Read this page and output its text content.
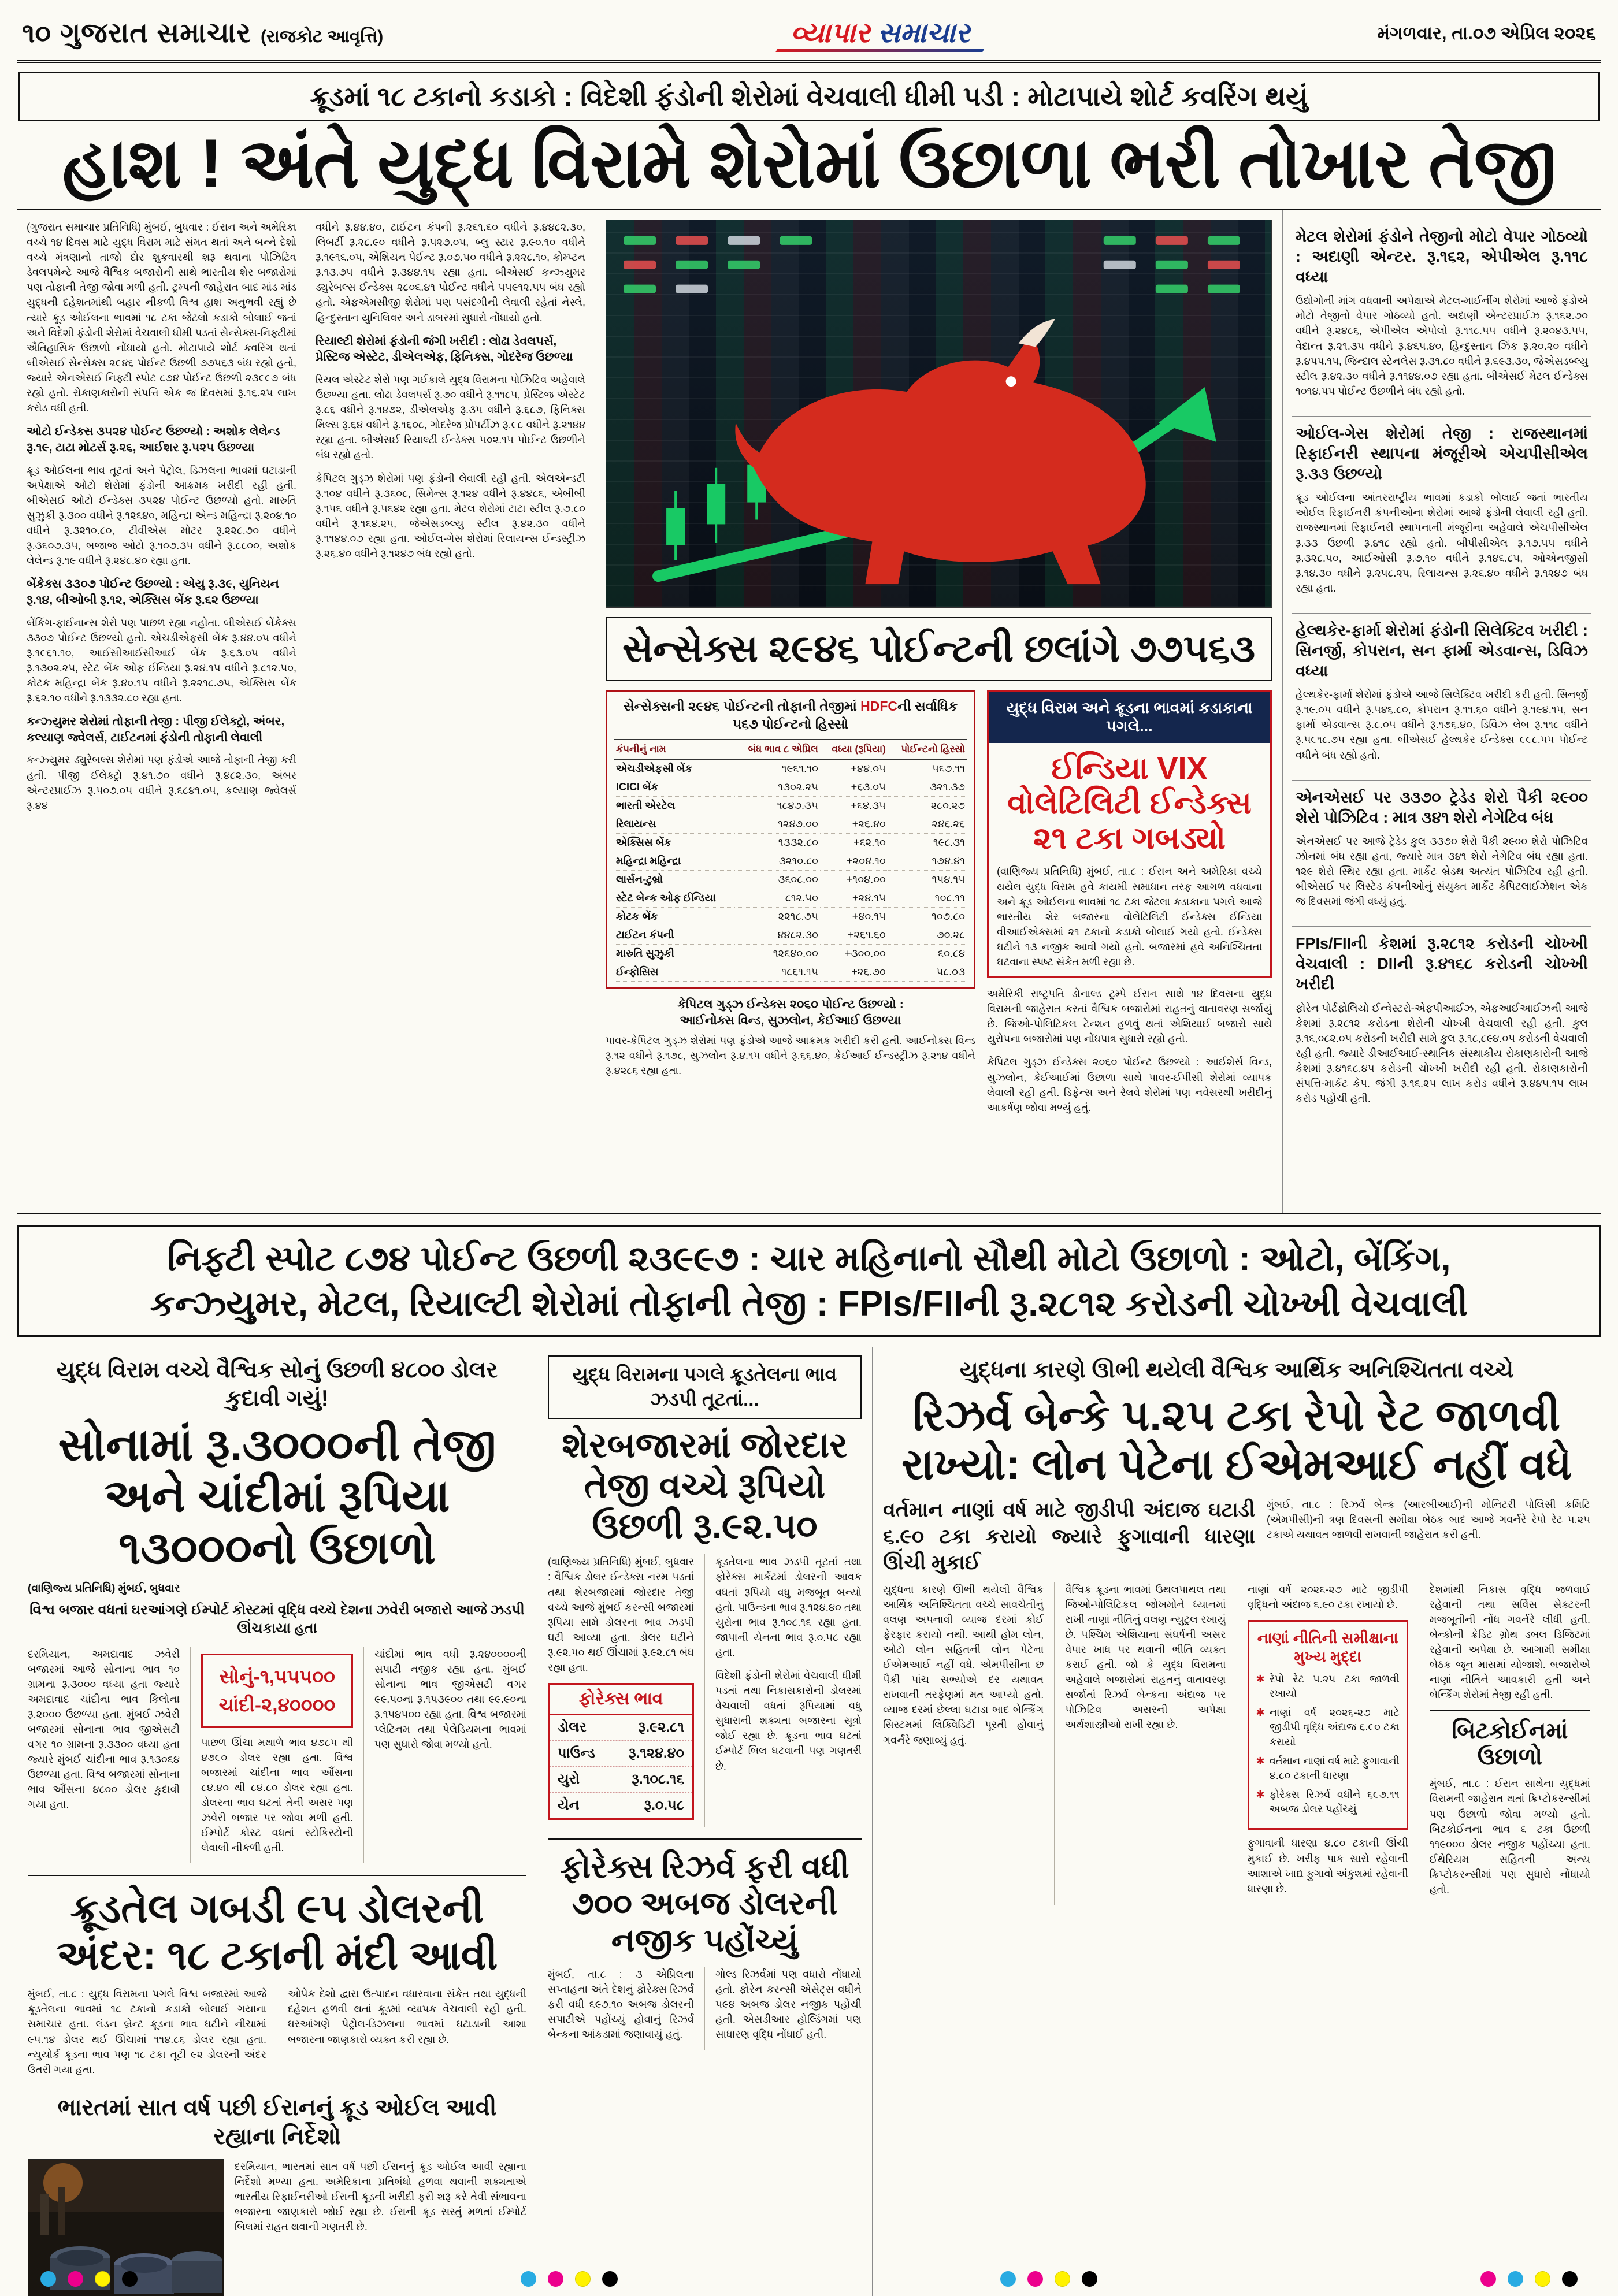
૧૦ ગુજરાત સમાચાર (રાજકોટ આવૃત્તિ)	વ્યાપાર સમાચાર	મંગળવાર, તા.૦૭ એપ્રિલ ૨૦૨૬
ક્રૂડમાં ૧૮ ટકાનો કડાકો : વિદેશી ફંડોની શેરોમાં વેચવાલી ધીમી પડી : મોટાપાયે શોર્ટ કવરિંગ થયું
હાશ ! અંતે યુદ્ધ વિરામે શેરોમાં ઉછાળા ભરી તોખાર તેજી

(ગુજરાત સમાચાર પ્રતિનિધિ) મુંબઈ, બુધવાર : ઈરાન અને અમેરિકા વચ્ચે ૧૪ દિવસ માટે યુદ્ધ વિરામ માટે સંમત થતાં અને બન્ને દેશો વચ્ચે મંત્રણાનો તાજો દોર શુક્રવારથી શરૂ થવાના પોઝિટિવ ડેવલપમેન્ટે આજે વૈશ્વિક બજારોની સાથે ભારતીય શેર બજારોમાં પણ તોફાની તેજી જોવા મળી હતી. ટ્રમ્પની જાહેરાત બાદ માંડ માંડ યુદ્ધની દહેશતમાંથી બહાર નીકળી વિશ્વ હાશ અનુભવી રહ્યું છે ત્યારે ક્રૂડ ઓઈલના ભાવમાં ૧૮ ટકા જેટલો કડાકો બોલાઈ જતાં અને વિદેશી ફંડોની શેરોમાં વેચવાલી ધીમી પડતાં સેન્સેક્સ-નિફ્ટીમાં ઐતિહાસિક ઉછાળો નોંધાયો હતો. મોટાપાયે શોર્ટ કવરિંગ થતાં બીએસઈ સેન્સેક્સ ૨૯૪૬ પોઈન્ટ ઉછળી ૭૭૫૬૩ બંધ રહ્યો હતો, જ્યારે એનએસઈ નિફ્ટી સ્પોટ ૮૭૪ પોઈન્ટ ઉછળી ૨૩૯૯૭ બંધ રહ્યો હતો. રોકાણકારોની સંપત્તિ એક જ દિવસમાં રૂ.૧૬.૨૫ લાખ કરોડ વધી હતી.

ઓટો ઈન્ડેક્સ ૩૫૨૪ પોઈન્ટ ઉછળ્યો : અશોક લેલેન્ડ રૂ.૧૯, ટાટા મોટર્સ રૂ.૨૬, આઈશર રૂ.૫૨૫ ઉછળ્યા

ક્રૂડ ઓઈલના ભાવ તૂટતાં અને પેટ્રોલ, ડિઝલના ભાવમાં ઘટાડાની અપેક્ષાએ ઓટો શેરોમાં ફંડોની આક્રમક ખરીદી રહી હતી. બીએસઈ ઓટો ઈન્ડેક્સ ૩૫૨૪ પોઈન્ટ ઉછળ્યો હતો. મારુતિ સુઝુકી રૂ.૩૦૦ વધીને રૂ.૧૨૬૪૦, મહિન્દ્રા એન્ડ મહિન્દ્રા રૂ.૨૦૪.૧૦ વધીને રૂ.૩૨૧૦.૮૦, ટીવીએસ મોટર રૂ.૨૨૮.૭૦ વધીને રૂ.૩૬૦૭.૩૫, બજાજ ઓટો રૂ.૧૦૭.૩૫ વધીને રૂ.૮૮૦૦, અશોક લેલેન્ડ રૂ.૧૯ વધીને રૂ.૨૪૮.૪૦ રહ્યા હતા.

બેંકેક્સ ૩૩૦૭ પોઈન્ટ ઉછળ્યો : એયુ રૂ.૩૯, યુનિયન રૂ.૧૪, બીઓબી રૂ.૧૨, એક્સિસ બેંક રૂ.૬૨ ઉછળ્યા

બેંકિંગ-ફાઈનાન્સ શેરો પણ પાછળ રહ્યા નહોતા. બીએસઈ બેંકેક્સ ૩૩૦૭ પોઈન્ટ ઉછળ્યો હતો. એચડીએફસી બેંક રૂ.૪૪.૦૫ વધીને રૂ.૧૯૬૧.૧૦, આઈસીઆઈસીઆઈ બેંક રૂ.૬૩.૦૫ વધીને રૂ.૧૩૦૨.૨૫, સ્ટેટ બેંક ઓફ ઈન્ડિયા રૂ.૨૪.૧૫ વધીને રૂ.૮૧૨.૫૦, કોટક મહિન્દ્રા બેંક રૂ.૪૦.૧૫ વધીને રૂ.૨૨૧૮.૭૫, એક્સિસ બેંક રૂ.૬૨.૧૦ વધીને રૂ.૧૩૩૨.૮૦ રહ્યા હતા.

કન્ઝ્યુમર શેરોમાં તોફાની તેજી : પીજી ઈલેક્ટ્રો, અંબર, કલ્યાણ જ્વેલર્સ, ટાઈટનમાં ફંડોની તોફાની લેવાલી

કન્ઝ્યુમર ડ્યુરેબલ્સ શેરોમાં પણ ફંડોએ આજે તોફાની તેજી કરી હતી. પીજી ઈલેક્ટ્રો રૂ.૪૧.૭૦ વધીને રૂ.૪૮૨.૩૦, અંબર એન્ટરપ્રાઈઝ રૂ.૫૦૭.૦૫ વધીને રૂ.૬૮૪૧.૦૫, કલ્યાણ જ્વેલર્સ રૂ.૪૪

વધીને રૂ.૪૪.૪૦, ટાઈટન કંપની રૂ.૨૬૧.૬૦ વધીને રૂ.૪૪૮૨.૩૦, લિબર્ટી રૂ.૨૮.૯૦ વધીને રૂ.૫૨૭.૦૫, બ્લુ સ્ટાર રૂ.૯૦.૧૦ વધીને રૂ.૧૯૧૬.૦૫, એશિયન પેઈન્ટ રૂ.૦૭.૫૦ વધીને રૂ.૨૨૮.૧૦, ક્રોમ્પ્ટન રૂ.૧૩.૭૫ વધીને રૂ.૩૪૪.૧૫ રહ્યા હતા. બીએસઈ કન્ઝ્યુમર ડ્યુરેબલ્સ ઈન્ડેક્સ ૨૮૦૬.૪૧ પોઈન્ટ વધીને ૫૫૯૧૨.૫૫ બંધ રહ્યો હતો. એફએમસીજી શેરોમાં પણ પસંદગીની લેવાલી રહેતાં નેસ્લે, હિન્દુસ્તાન યુનિલિવર અને ડાબરમાં સુધારો નોંધાયો હતો.

રિયાલ્ટી શેરોમાં ફંડોની જંગી ખરીદી : લોઢા ડેવલપર્સ, પ્રેસ્ટિજ એસ્ટેટ, ડીએલએફ, ફિનિક્સ, ગોદરેજ ઉછળ્યા

રિયલ એસ્ટેટ શેરો પણ ગઈકાલે યુદ્ધ વિરામના પોઝિટિવ અહેવાલે ઉછળ્યા હતા. લોઢા ડેવલપર્સ રૂ.૭૦ વધીને રૂ.૧૧૮૫, પ્રેસ્ટિજ એસ્ટેટ રૂ.૮૬ વધીને રૂ.૧૪૭૨, ડીએલએફ રૂ.૩૫ વધીને રૂ.૬૮૭, ફિનિક્સ મિલ્સ રૂ.૬૪ વધીને રૂ.૧૬૦૮, ગોદરેજ પ્રોપર્ટીઝ રૂ.૯૮ વધીને રૂ.૨૧૪૪ રહ્યા હતા. બીએસઈ રિયાલ્ટી ઈન્ડેક્સ ૫૦૨.૧૫ પોઈન્ટ ઉછળીને બંધ રહ્યો હતો.

કેપિટલ ગુડ્ઝ શેરોમાં પણ ફંડોની લેવાલી રહી હતી. એલએન્ડટી રૂ.૧૦૪ વધીને રૂ.૩૬૦૮, સિમેન્સ રૂ.૧૨૪ વધીને રૂ.૪૪૮૬, એબીબી રૂ.૧૫૬ વધીને રૂ.૫૬૪૨ રહ્યા હતા. મેટલ શેરોમાં ટાટા સ્ટીલ રૂ.૭.૮૦ વધીને રૂ.૧૬૪.૨૫, જેએસડબ્લ્યુ સ્ટીલ રૂ.૪૨.૩૦ વધીને રૂ.૧૧૪૪.૦૭ રહ્યા હતા. ઓઈલ-ગેસ શેરોમાં રિલાયન્સ ઈન્ડસ્ટ્રીઝ રૂ.૨૬.૪૦ વધીને રૂ.૧૨૪૭ બંધ રહ્યો હતો.

સેન્સેક્સ ૨૯૪૬ પોઈન્ટની છલાંગે ૭૭૫૬૩
સેન્સેક્સની ૨૯૪૬ પોઈન્ટની તોફાની તેજીમાં HDFCની સર્વાધિક ૫૬૭ પોઈન્ટનો હિસ્સો
કંપનીનું નામ	બંધ ભાવ ૮ એપ્રિલ	વધ્યા (રૂપિયા)	પોઈન્ટનો હિસ્સો
એચડીએફસી બેંક	૧૯૬૧.૧૦	+૪૪.૦૫	૫૬૭.૧૧
ICICI બેંક	૧૩૦૨.૨૫	+૬૩.૦૫	૩૨૧.૩૭
ભારતી એરટેલ	૧૮૪૭.૩૫	+૬૪.૩૫	૨૮૦.૨૭
રિલાયન્સ	૧૨૪૭.૦૦	+૨૬.૪૦	૨૪૬.૨૬
એક્સિસ બેંક	૧૩૩૨.૮૦	+૬૨.૧૦	૧૯૮.૩૧
મહિન્દ્રા મહિન્દ્રા	૩૨૧૦.૮૦	+૨૦૪.૧૦	૧૭૪.૪૧
લાર્સન-ટુબ્રો	૩૬૦૮.૦૦	+૧૦૪.૦૦	૧૫૪.૧૫
સ્ટેટ બેન્ક ઓફ ઈન્ડિયા	૮૧૨.૫૦	+૨૪.૧૫	૧૦૮.૧૧
કોટક બેંક	૨૨૧૮.૭૫	+૪૦.૧૫	૧૦૭.૮૦
ટાઈટન કંપની	૪૪૮૨.૩૦	+૨૬૧.૬૦	૭૦.૨૮
મારુતિ સુઝુકી	૧૨૬૪૦.૦૦	+૩૦૦.૦૦	૬૦.૮૪
ઈન્ફોસિસ	૧૮૬૧.૧૫	+૨૬.૭૦	૫૮.૦૩
કેપિટલ ગુડ્ઝ ઈન્ડેક્સ ૨૦૬૦ પોઈન્ટ ઉછળ્યો :
આઈનોક્સ વિન્ડ, સુઝલોન, કેઈઆઈ ઉછળ્યા

પાવર-કેપિટલ ગુડ્ઝ શેરોમાં પણ ફંડોએ આજે આક્રમક ખરીદી કરી હતી. આઈનોક્સ વિન્ડ રૂ.૧૨ વધીને રૂ.૧૭૮, સુઝલોન રૂ.૪.૧૫ વધીને રૂ.૬૬.૪૦, કેઈઆઈ ઈન્ડસ્ટ્રીઝ રૂ.૨૧૪ વધીને રૂ.૪૨૮૬ રહ્યા હતા.

યુદ્ધ વિરામ અને ક્રૂડના ભાવમાં કડાકાના પગલે...
ઈન્ડિયા VIX વોલેટિલિટી ઈન્ડેક્સ ૨૧ ટકા ગબડ્યો

(વાણિજ્ય પ્રતિનિધિ) મુંબઈ, તા.૮ : ઈરાન અને અમેરિકા વચ્ચે થયેલ યુદ્ધ વિરામ હવે કાયમી સમાધાન તરફ આગળ વધવાના અને ક્રૂડ ઓઈલના ભાવમાં ૧૮ ટકા જેટલા કડાકાના પગલે આજે ભારતીય શેર બજારના વોલેટિલિટી ઈન્ડેક્સ ઈન્ડિયા વીઆઈએક્સમાં ૨૧ ટકાનો કડાકો બોલાઈ ગયો હતો. ઈન્ડેક્સ ઘટીને ૧૩ નજીક આવી ગયો હતો. બજારમાં હવે અનિશ્ચિતતા ઘટવાના સ્પષ્ટ સંકેત મળી રહ્યા છે.

અમેરિકી રાષ્ટ્રપતિ ડોનાલ્ડ ટ્રમ્પે ઈરાન સાથે ૧૪ દિવસના યુદ્ધ વિરામની જાહેરાત કરતાં વૈશ્વિક બજારોમાં રાહતનું વાતાવરણ સર્જાયું છે. જિઓ-પોલિટિકલ ટેન્શન હળવું થતાં એશિયાઈ બજારો સાથે યુરોપના બજારોમાં પણ નોંધપાત્ર સુધારો રહ્યો હતો.

કેપિટલ ગુડ્ઝ ઈન્ડેક્સ ૨૦૬૦ પોઈન્ટ ઉછળ્યો : આઈશેર્સ વિન્ડ, સુઝલોન, કેઈઆઈમાં ઉછાળા સાથે પાવર-ઈપીસી શેરોમાં વ્યાપક લેવાલી રહી હતી. ડિફેન્સ અને રેલવે શેરોમાં પણ નવેસરથી ખરીદીનું આકર્ષણ જોવા મળ્યું હતું.

મેટલ શેરોમાં ફંડોને તેજીનો મોટો વેપાર ગોઠવ્યો : અદાણી એન્ટર. રૂ.૧૬૨, એપીએલ રૂ.૧૧૮ વધ્યા

ઉદ્યોગોની માંગ વધવાની અપેક્ષાએ મેટલ-માઈનીંગ શેરોમાં આજે ફંડોએ મોટો તેજીનો વેપાર ગોઠવ્યો હતો. અદાણી એન્ટરપ્રાઈઝ રૂ.૧૬૨.૭૦ વધીને રૂ.૨૪૮૬, એપીએલ એપોલો રૂ.૧૧૮.૫૫ વધીને રૂ.૨૦૪૩.૫૫, વેદાન્ત રૂ.૨૧.૩૫ વધીને રૂ.૪૬૫.૪૦, હિન્દુસ્તાન ઝિંક રૂ.૨૦.૨૦ વધીને રૂ.૪૫૫.૧૫, જિન્દાલ સ્ટેનલેસ રૂ.૩૧.૮૦ વધીને રૂ.૬૯૩.૩૦, જેએસડબ્લ્યુ સ્ટીલ રૂ.૪૨.૩૦ વધીને રૂ.૧૧૪૪.૦૭ રહ્યા હતા. બીએસઈ મેટલ ઈન્ડેક્સ ૧૦૧૪.૫૫ પોઈન્ટ ઉછળીને બંધ રહ્યો હતો.

ઓઈલ-ગેસ શેરોમાં તેજી : રાજસ્થાનમાં રિફાઈનરી સ્થાપના મંજૂરીએ એચપીસીએલ રૂ.૩૩ ઉછળ્યો

ક્રૂડ ઓઈલના આંતરરાષ્ટ્રીય ભાવમાં કડાકો બોલાઈ જતાં ભારતીય ઓઈલ રિફાઈનરી કંપનીઓના શેરોમાં આજે ફંડોની લેવાલી રહી હતી. રાજસ્થાનમાં રિફાઈનરી સ્થાપનાની મંજૂરીના અહેવાલે એચપીસીએલ રૂ.૩૩ ઉછળી રૂ.૪૧૮ રહ્યો હતો. બીપીસીએલ રૂ.૧૭.૫૫ વધીને રૂ.૩૨૮.૫૦, આઈઓસી રૂ.૭.૧૦ વધીને રૂ.૧૪૬.૮૫, ઓએનજીસી રૂ.૧૪.૩૦ વધીને રૂ.૨૫૮.૨૫, રિલાયન્સ રૂ.૨૬.૪૦ વધીને રૂ.૧૨૪૭ બંધ રહ્યા હતા.

હેલ્થકેર-ફાર્મા શેરોમાં ફંડોની સિલેક્ટિવ ખરીદી : સિનર્જી, કોપરાન, સન ફાર્મા એડવાન્સ, ડિવિઝ વધ્યા

હેલ્થકેર-ફાર્મા શેરોમાં ફંડોએ આજે સિલેક્ટિવ ખરીદી કરી હતી. સિનર્જી રૂ.૧૯.૦૫ વધીને રૂ.૫૪૬.૮૦, કોપરાન રૂ.૧૧.૬૦ વધીને રૂ.૧૯૪.૧૫, સન ફાર્મા એડવાન્સ રૂ.૮.૦૫ વધીને રૂ.૧૭૬.૪૦, ડિવિઝ લેબ રૂ.૧૧૮ વધીને રૂ.૫૯૧૮.૭૫ રહ્યા હતા. બીએસઈ હેલ્થકેર ઈન્ડેક્સ ૯૯૮.૫૫ પોઈન્ટ વધીને બંધ રહ્યો હતો.

એનએસઈ પર ૩૩૭૦ ટ્રેડેડ શેરો પૈકી ૨૯૦૦ શેરો પોઝિટિવ : માત્ર ૩૪૧ શેરો નેગેટિવ બંધ

એનએસઈ પર આજે ટ્રેડેડ કુલ ૩૩૭૦ શેરો પૈકી ૨૯૦૦ શેરો પોઝિટિવ ઝોનમાં બંધ રહ્યા હતા, જ્યારે માત્ર ૩૪૧ શેરો નેગેટિવ બંધ રહ્યા હતા. ૧૨૯ શેરો સ્થિર રહ્યા હતા. માર્કેટ બ્રેડથ અત્યંત પોઝિટિવ રહી હતી. બીએસઈ પર લિસ્ટેડ કંપનીઓનું સંયુક્ત માર્કેટ કેપિટલાઈઝેશન એક જ દિવસમાં જંગી વધ્યું હતું.

FPIs/FIIની કેશમાં રૂ.૨૮૧૨ કરોડની ચોખ્ખી વેચવાલી : DIIની રૂ.૪૧૬૮ કરોડની ચોખ્ખી ખરીદી

ફોરેન પોર્ટફોલિયો ઈન્વેસ્ટરો-એફપીઆઈઝ, એફઆઈઆઈઝની આજે કેશમાં રૂ.૨૮૧૨ કરોડના શેરોની ચોખ્ખી વેચવાલી રહી હતી. કુલ રૂ.૧૬,૦૮૨.૦૫ કરોડની ખરીદી સામે કુલ રૂ.૧૮,૮૯૪.૦૫ કરોડની વેચવાલી રહી હતી. જ્યારે ડીઆઈઆઈ-સ્થાનિક સંસ્થાકીય રોકાણકારોની આજે કેશમાં રૂ.૪૧૬૮.૪૫ કરોડની ચોખ્ખી ખરીદી રહી હતી. રોકાણકારોની સંપત્તિ-માર્કેટ કેપ. જંગી રૂ.૧૬.૨૫ લાખ કરોડ વધીને રૂ.૪૪૫.૧૫ લાખ કરોડ પહોંચી હતી.

નિફ્ટી સ્પોટ ૮૭૪ પોઈન્ટ ઉછળી ૨૩૯૯૭ : ચાર મહિનાનો સૌથી મોટો ઉછાળો : ઓટો, બેંકિંગ,
કન્ઝ્યુમર, મેટલ, રિયાલ્ટી શેરોમાં તોફાની તેજી : FPIs/FIIની રૂ.૨૮૧૨ કરોડની ચોખ્ખી વેચવાલી
યુદ્ધ વિરામ વચ્ચે વૈશ્વિક સોનું ઉછળી ૪૮૦૦ ડોલર કુદાવી ગયું!
સોનામાં રૂ.૩૦૦૦ની તેજી અને ચાંદીમાં રૂપિયા ૧૩૦૦૦નો ઉછાળો
(વાણિજ્ય પ્રતિનિધિ) મુંબઈ, બુધવાર
વિશ્વ બજાર વધતાં ઘરઆંગણે ઈમ્પોર્ટ કોસ્ટમાં વૃદ્ધિ વચ્ચે દેશના ઝવેરી બજારો આજે ઝડપી ઊંચકાયા હતા

દરમિયાન, અમદાવાદ ઝવેરી બજારમાં આજે સોનાના ભાવ ૧૦ ગ્રામના રૂ.૩૦૦૦ વધ્યા હતા જ્યારે અમદાવાદ ચાંદીના ભાવ કિલોના રૂ.૨૦૦૦ ઉછળ્યા હતા. મુંબઈ ઝવેરી બજારમાં સોનાના ભાવ જીએસટી વગર ૧૦ ગ્રામના રૂ.૩૩૦૦ વધ્યા હતા જ્યારે મુંબઈ ચાંદીના ભાવ રૂ.૧૩૦૬૪ ઉછળ્યા હતા. વિશ્વ બજારમાં સોનાના ભાવ ઔંસના ૪૮૦૦ ડોલર કુદાવી ગયા હતા.

સોનું-૧,૫૫૫૦૦
ચાંદી-૨,૪૦૦૦૦

પાછળ ઊંચા મથાળે ભાવ ૪૭૮૫ થી ૪૭૯૦ ડોલર રહ્યા હતા. વિશ્વ બજારમાં ચાંદીના ભાવ ઔંસના ૮૪.૪૦ થી ૮૪.૮૦ ડોલર રહ્યા હતા. ડોલરના ભાવ ઘટતાં તેની અસર પણ ઝવેરી બજાર પર જોવા મળી હતી. ઈમ્પોર્ટ કોસ્ટ વધતાં સ્ટોકિસ્ટોની લેવાલી નીકળી હતી.

ચાંદીમાં ભાવ વધી રૂ.૨૪૦૦૦૦ની સપાટી નજીક રહ્યા હતા. મુંબઈ સોનાના ભાવ જીએસટી વગર ૯૯.૫૦ના રૂ.૧૫૩૯૦૦ તથા ૯૯.૯૦ના રૂ.૧૫૪૫૦૦ રહ્યા હતા. વિશ્વ બજારમાં પ્લેટિનમ તથા પેલેડિયમના ભાવમાં પણ સુધારો જોવા મળ્યો હતો.

ક્રૂડતેલ ગબડી ૯૫ ડોલરની અંદર: ૧૮ ટકાની મંદી આવી

મુંબઈ, તા.૮ : યુદ્ધ વિરામના પગલે વિશ્વ બજારમાં આજે ક્રૂડતેલના ભાવમાં ૧૮ ટકાનો કડાકો બોલાઈ ગયાના સમાચાર હતા. લંડન બ્રેન્ટ ક્રૂડના ભાવ ઘટીને નીચામાં ૯૫.૧૪ ડોલર થઈ ઊંચામાં ૧૧૪.૮૬ ડોલર રહ્યા હતા. ન્યુયોર્ક ક્રૂડના ભાવ પણ ૧૮ ટકા તૂટી ૯૨ ડોલરની અંદર ઉતરી ગયા હતા.

ઓપેક દેશો દ્વારા ઉત્પાદન વધારવાના સંકેત તથા યુદ્ધની દહેશત હળવી થતાં ક્રૂડમાં વ્યાપક વેચવાલી રહી હતી. ઘરઆંગણે પેટ્રોલ-ડિઝલના ભાવમાં ઘટાડાની આશા બજારના જાણકારો વ્યક્ત કરી રહ્યા છે.

ભારતમાં સાત વર્ષ પછી ઈરાનનું ક્રૂડ ઓઈલ આવી રહ્યાના નિર્દેશો

દરમિયાન, ભારતમાં સાત વર્ષ પછી ઈરાનનું ક્રૂડ ઓઈલ આવી રહ્યાના નિર્દેશો મળ્યા હતા. અમેરિકાના પ્રતિબંધો હળવા થવાની શક્યતાએ ભારતીય રિફાઈનરીઓ ઈરાની ક્રૂડની ખરીદી ફરી શરૂ કરે તેવી સંભાવના બજારના જાણકારો જોઈ રહ્યા છે. ઈરાની ક્રૂડ સસ્તું મળતાં ઈમ્પોર્ટ બિલમાં રાહત થવાની ગણતરી છે.

યુદ્ધ વિરામના પગલે ક્રૂડતેલના ભાવ ઝડપી તૂટતાં...
શેરબજારમાં જોરદાર તેજી વચ્ચે રૂપિયો ઉછળી રૂ.૯૨.૫૦

(વાણિજ્ય પ્રતિનિધિ) મુંબઈ, બુધવાર : વૈશ્વિક ડોલર ઈન્ડેક્સ નરમ પડતાં તથા શેરબજારમાં જોરદાર તેજી વચ્ચે આજે મુંબઈ કરન્સી બજારમાં રૂપિયા સામે ડોલરના ભાવ ઝડપી ઘટી આવ્યા હતા. ડોલર ઘટીને રૂ.૯૨.૫૦ થઈ ઊંચામાં રૂ.૯૨.૮૧ બંધ રહ્યા હતા.

ફોરેક્સ ભાવ
ડોલર	રૂ.૯૨.૮૧
પાઉન્ડ રૂ.૧૨૪.૪૦
યુરો	રૂ.૧૦૮.૧૬
યેન	રૂ.૦.૫૮

ક્રૂડતેલના ભાવ ઝડપી તૂટતાં તથા ફોરેક્સ માર્કેટમાં ડોલરની આવક વધતાં રૂપિયો વધુ મજબૂત બન્યો હતો. પાઉન્ડના ભાવ રૂ.૧૨૪.૪૦ તથા યુરોના ભાવ રૂ.૧૦૮.૧૬ રહ્યા હતા. જાપાની યેનના ભાવ રૂ.૦.૫૮ રહ્યા હતા.

વિદેશી ફંડોની શેરોમાં વેચવાલી ધીમી પડતાં તથા નિકાસકારોની ડોલરમાં વેચવાલી વધતાં રૂપિયામાં વધુ સુધારાની શક્યતા બજારના સૂત્રો જોઈ રહ્યા છે. ક્રૂડના ભાવ ઘટતાં ઈમ્પોર્ટ બિલ ઘટવાની પણ ગણતરી છે.

ફોરેક્સ રિઝર્વ ફરી વધી ૭૦૦ અબજ ડોલરની નજીક પહોંચ્યું

મુંબઈ, તા.૮ : ૩ એપ્રિલના સપ્તાહના અંતે દેશનું ફોરેક્સ રિઝર્વ ફરી વધી ૬૯૭.૧૦ અબજ ડોલરની સપાટીએ પહોંચ્યું હોવાનું રિઝર્વ બેન્કના આંકડામાં જણાવાયું હતું.

ગોલ્ડ રિઝર્વમાં પણ વધારો નોંધાયો હતો. ફોરેન કરન્સી એસેટ્સ વધીને ૫૯૪ અબજ ડોલર નજીક પહોંચી હતી. એસડીઆર હોલ્ડિંગમાં પણ સાધારણ વૃદ્ધિ નોંધાઈ હતી.

યુદ્ધના કારણે ઊભી થયેલી વૈશ્વિક આર્થિક અનિશ્ચિતતા વચ્ચે
રિઝર્વ બેન્કે પ.૨૫ ટકા રેપો રેટ જાળવી રાખ્યો: લોન પેટેના ઈએમઆઈ નહીં વધે
વર્તમાન નાણાં વર્ષ માટે જીડીપી અંદાજ ઘટાડી ૬.૯૦ ટકા કરાયો જ્યારે ફુગાવાની ધારણા ઊંચી મુકાઈ

મુંબઈ, તા.૮ : રિઝર્વ બેન્ક (આરબીઆઈ)ની મોનિટરી પોલિસી કમિટિ (એમપીસી)ની ત્રણ દિવસની સમીક્ષા બેઠક બાદ આજે ગવર્નરે રેપો રેટ પ.૨૫ ટકાએ યથાવત જાળવી રાખવાની જાહેરાત કરી હતી.

યુદ્ધના કારણે ઊભી થયેલી વૈશ્વિક આર્થિક અનિશ્ચિતતા વચ્ચે સાવચેતીનું વલણ અપનાવી વ્યાજ દરમાં કોઈ ફેરફાર કરાયો નથી. આથી હોમ લોન, ઓટો લોન સહિતની લોન પેટેના ઈએમઆઈ નહીં વધે. એમપીસીના છ પૈકી પાંચ સભ્યોએ દર યથાવત રાખવાની તરફેણમાં મત આપ્યો હતો. વ્યાજ દરમાં છેલ્લા ઘટાડા બાદ બેન્કિંગ સિસ્ટમમાં લિક્વિડિટી પૂરતી હોવાનું ગવર્નરે જણાવ્યું હતું.

વૈશ્વિક ક્રૂડના ભાવમાં ઉથલપાથલ તથા જિઓ-પોલિટિકલ જોખમોને ધ્યાનમાં રાખી નાણાં નીતિનું વલણ ન્યુટ્રલ રખાયું છે. પશ્ચિમ એશિયાના સંઘર્ષની અસર વેપાર ખાધ પર થવાની ભીતિ વ્યક્ત કરાઈ હતી. જો કે યુદ્ધ વિરામના અહેવાલે બજારોમાં રાહતનું વાતાવરણ સર્જાતાં રિઝર્વ બેન્કના અંદાજ પર પોઝિટિવ અસરની અપેક્ષા અર્થશાસ્ત્રીઓ રાખી રહ્યા છે.

નાણાં વર્ષ ૨૦૨૬-૨૭ માટે જીડીપી વૃદ્ધિનો અંદાજ ૬.૯૦ ટકા રખાયો છે.

નાણાં નીતિની સમીક્ષાના મુખ્ય મુદ્દા
✱ રેપો રેટ પ.૨૫ ટકા જાળવી રખાયો
✱ નાણાં વર્ષ ૨૦૨૬-૨૭ માટે જીડીપી વૃદ્ધિ અંદાજ ૬.૯૦ ટકા કરાયો
✱ વર્તમાન નાણાં વર્ષ માટે ફુગાવાની ૪.૮૦ ટકાની ધારણા
✱ ફોરેક્સ રિઝર્વ વધીને ૬૯૭.૧૧ અબજ ડોલર પહોંચ્યું

ફુગાવાની ધારણા ૪.૮૦ ટકાની ઊંચી મુકાઈ છે. ખરીફ પાક સારો રહેવાની આશાએ ખાદ્ય ફુગાવો અંકુશમાં રહેવાની ધારણા છે.

દેશમાંથી નિકાસ વૃદ્ધિ જળવાઈ રહેવાની તથા સર્વિસ સેક્ટરની મજબૂતીની નોંધ ગવર્નરે લીધી હતી. બેન્કોની ક્રેડિટ ગ્રોથ ડબલ ડિજિટમાં રહેવાની અપેક્ષા છે. આગામી સમીક્ષા બેઠક જૂન માસમાં યોજાશે. બજારોએ નાણાં નીતિને આવકારી હતી અને બેન્કિંગ શેરોમાં તેજી રહી હતી.

બિટકોઈનમાં ઉછાળો

મુંબઈ, તા.૮ : ઈરાન સાથેના યુદ્ધમાં વિરામની જાહેરાત થતાં ક્રિપ્ટોકરન્સીમાં પણ ઉછાળો જોવા મળ્યો હતો. બિટકોઈનના ભાવ ૬ ટકા ઉછળી ૧૧૯૦૦૦ ડોલર નજીક પહોંચ્યા હતા. ઈથેરિયમ સહિતની અન્ય ક્રિપ્ટોકરન્સીમાં પણ સુધારો નોંધાયો હતો.
